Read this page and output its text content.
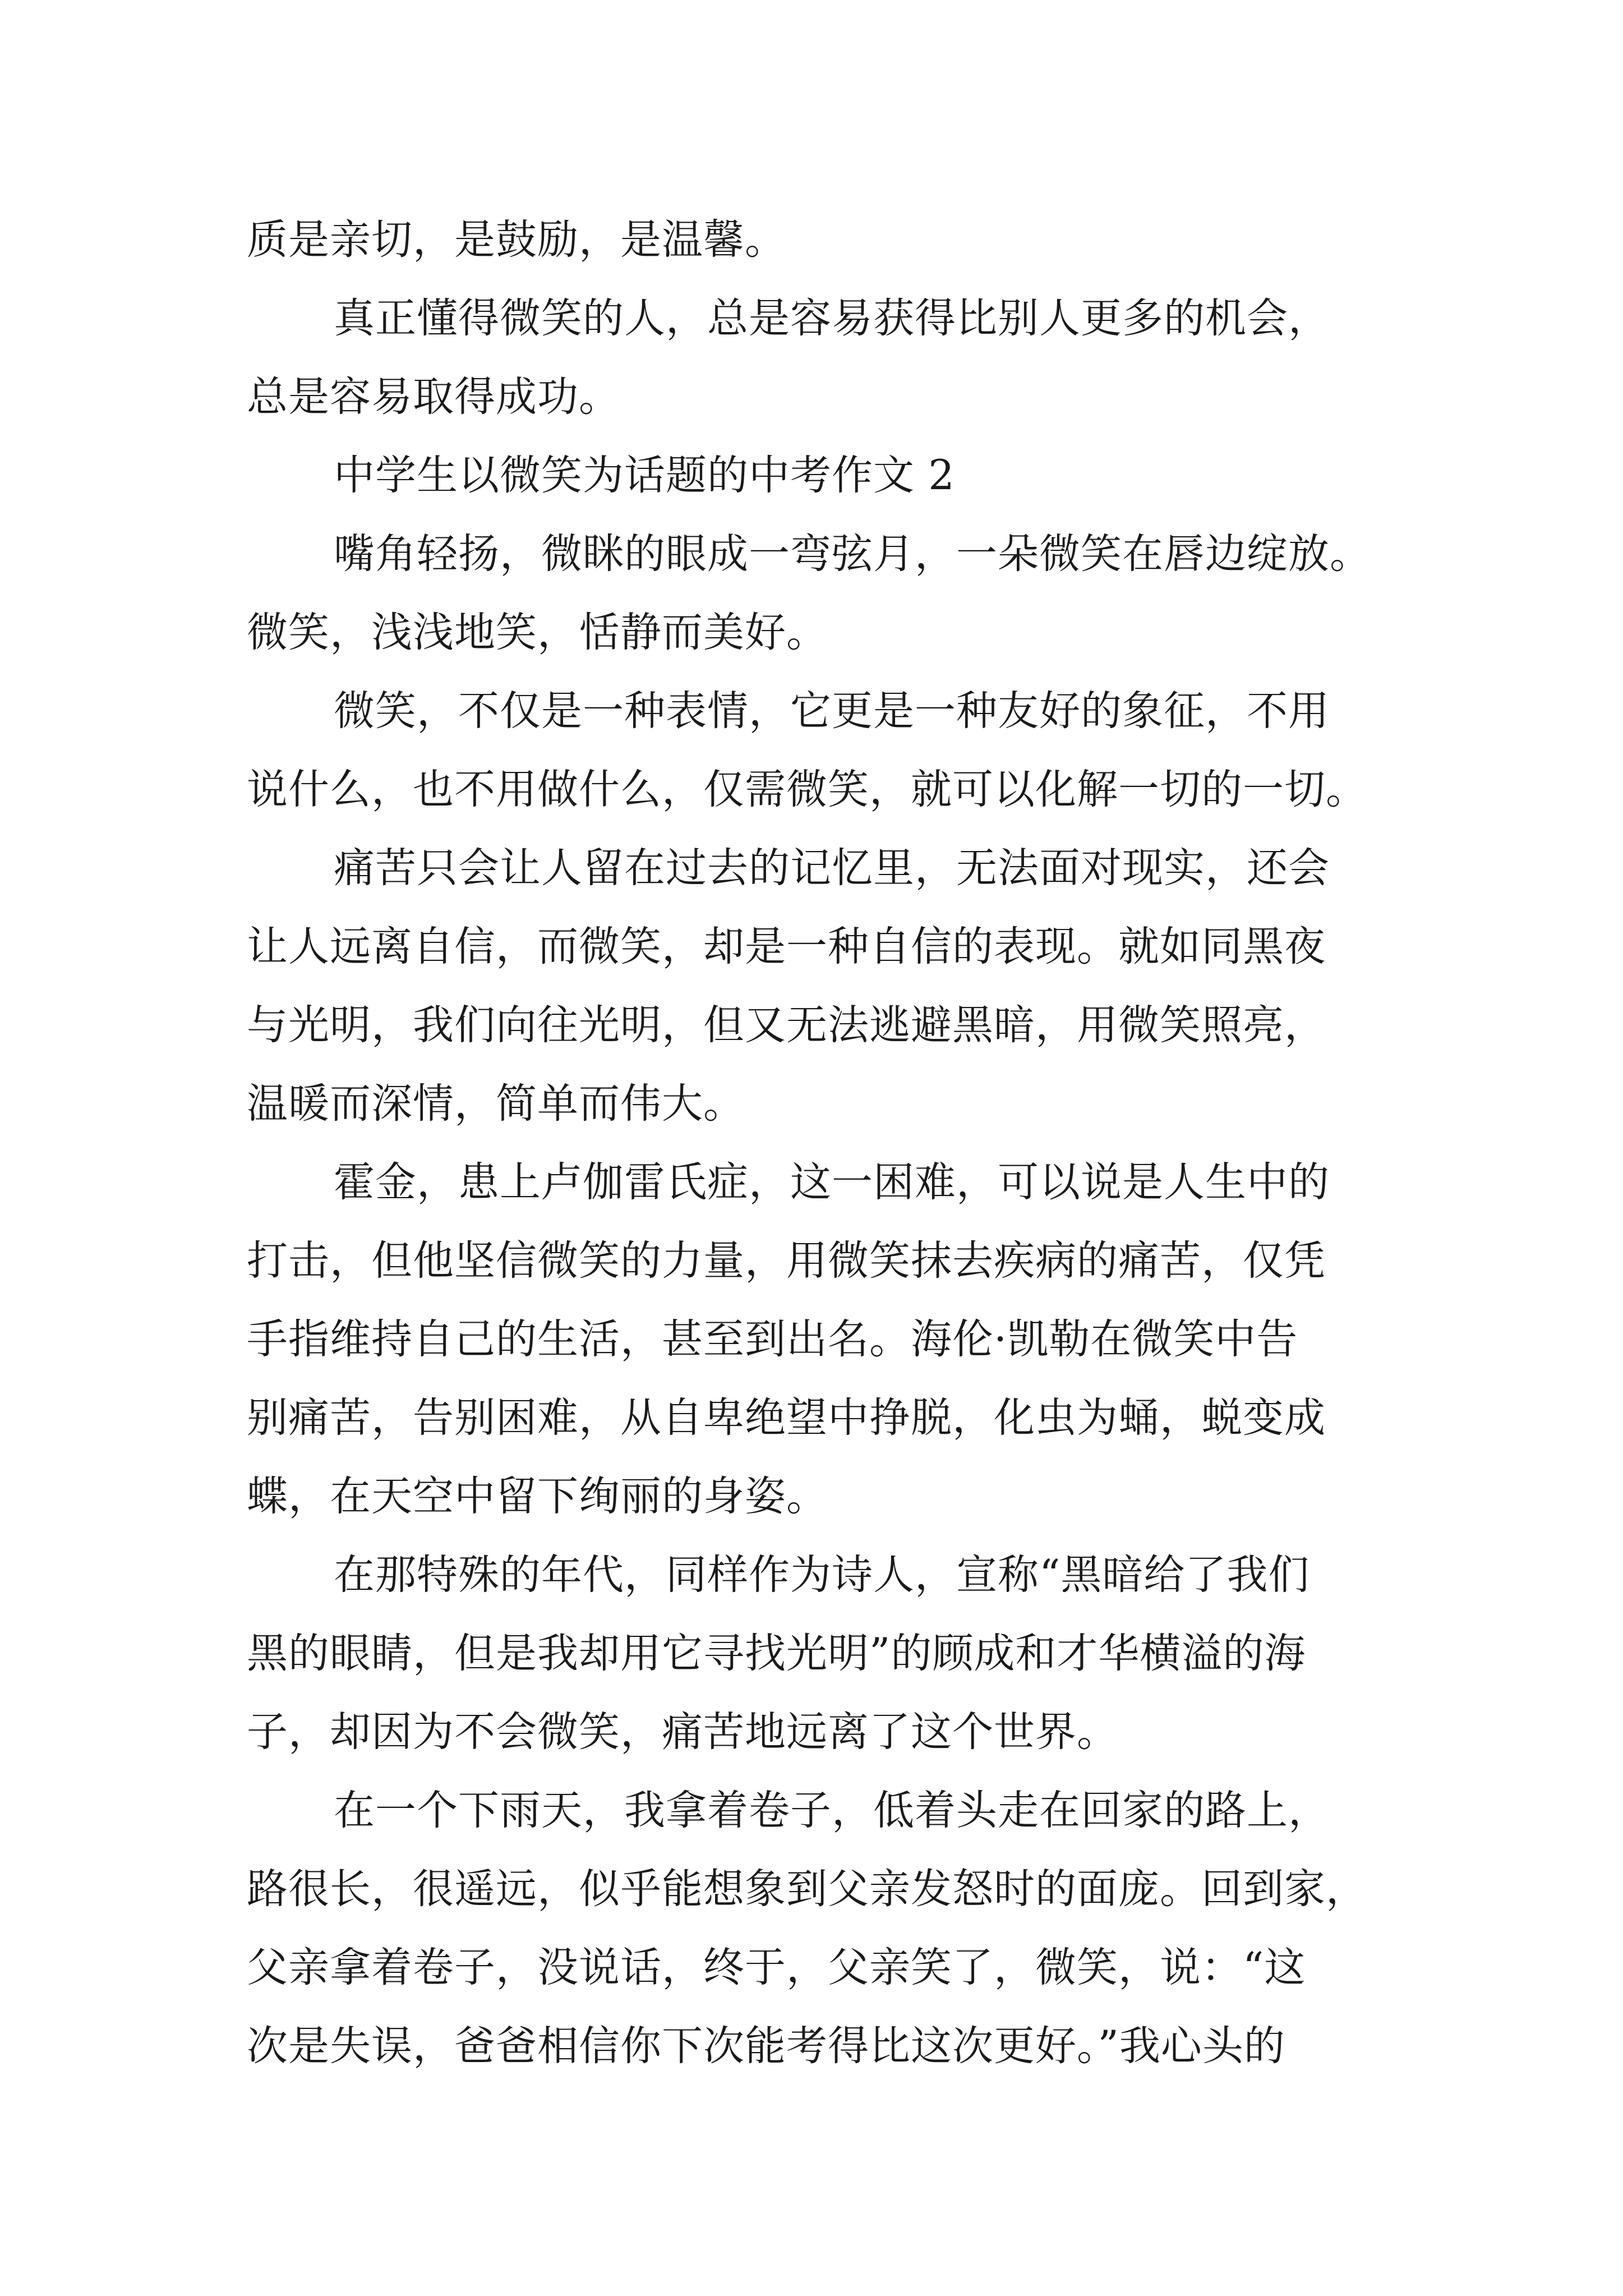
质是亲切，是鼓励，是温馨。
真正懂得微笑的人，总是容易获得比别人更多的机会，
总是容易取得成功。
中学生以微笑为话题的中考作文 2
嘴角轻扬，微眯的眼成一弯弦月，一朵微笑在唇边绽放。
微笑，浅浅地笑，恬静而美好。
微笑，不仅是一种表情，它更是一种友好的象征，不用
说什么，也不用做什么，仅需微笑，就可以化解一切的一切。
痛苦只会让人留在过去的记忆里，无法面对现实，还会
让人远离自信，而微笑，却是一种自信的表现。就如同黑夜
与光明，我们向往光明，但又无法逃避黑暗，用微笑照亮，
温暖而深情，简单而伟大。
霍金，患上卢伽雷氏症，这一困难，可以说是人生中的
打击，但他坚信微笑的力量，用微笑抹去疾病的痛苦，仅凭
手指维持自己的生活，甚至到出名。海伦·凯勒在微笑中告
别痛苦，告别困难，从自卑绝望中挣脱，化虫为蛹，蜕变成
蝶，在天空中留下绚丽的身姿。
在那特殊的年代，同样作为诗人，宣称“黑暗给了我们
黑的眼睛，但是我却用它寻找光明”的顾成和才华横溢的海
子，却因为不会微笑，痛苦地远离了这个世界。
在一个下雨天，我拿着卷子，低着头走在回家的路上，
路很长，很遥远，似乎能想象到父亲发怒时的面庞。回到家，
父亲拿着卷子，没说话，终于，父亲笑了，微笑，说：“这
次是失误，爸爸相信你下次能考得比这次更好。”我心头的
